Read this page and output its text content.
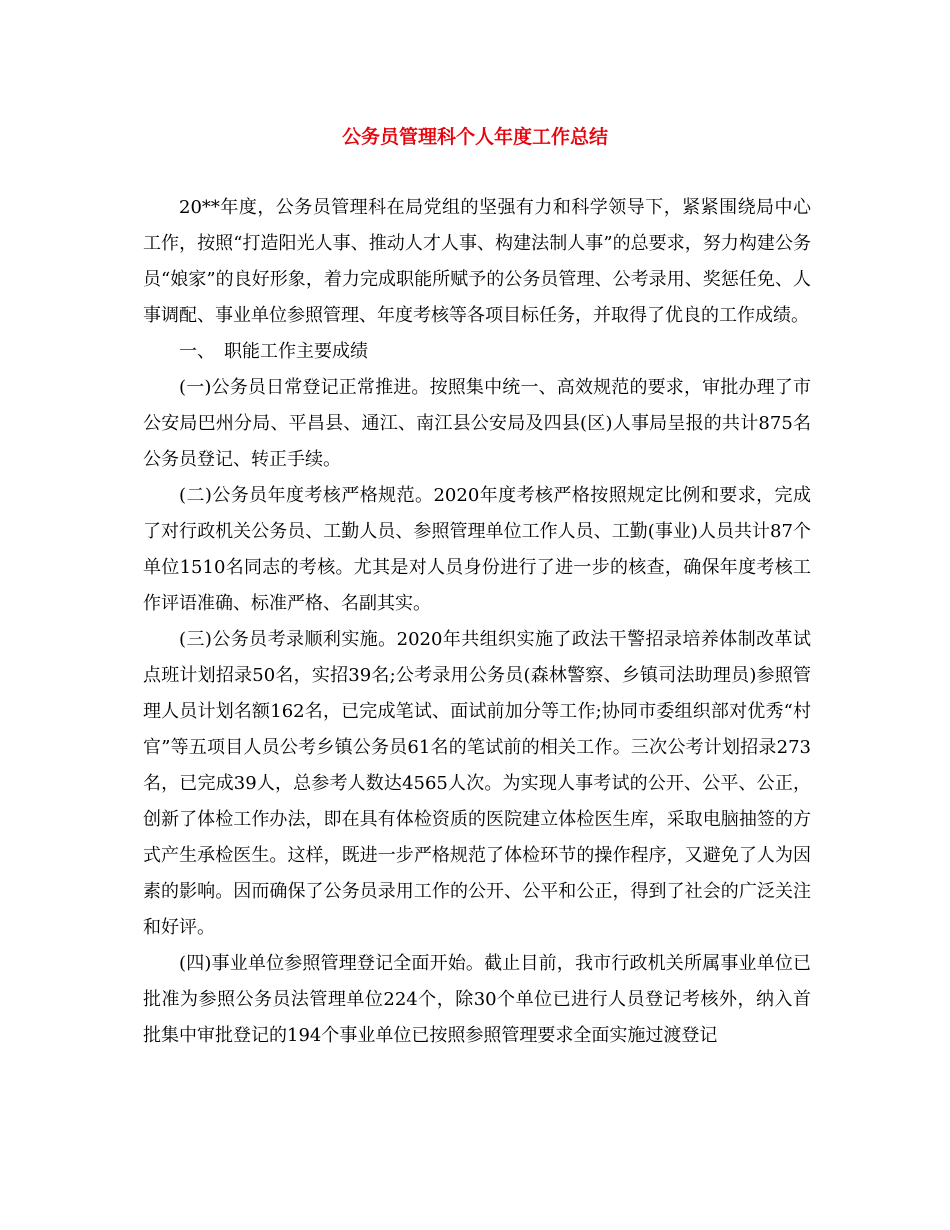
公务员管理科个人年度工作总结

20**年度，公务员管理科在局党组的坚强有力和科学领导下，紧紧围绕局中心工作，按照“打造阳光人事、推动人才人事、构建法制人事”的总要求，努力构建公务员“娘家”的良好形象，着力完成职能所赋予的公务员管理、公考录用、奖惩任免、人事调配、事业单位参照管理、年度考核等各项目标任务，并取得了优良的工作成绩。

一、　职能工作主要成绩

(一)公务员日常登记正常推进。按照集中统一、高效规范的要求，审批办理了市公安局巴州分局、平昌县、通江、南江县公安局及四县(区)人事局呈报的共计875名公务员登记、转正手续。

(二)公务员年度考核严格规范。2020年度考核严格按照规定比例和要求，完成了对行政机关公务员、工勤人员、参照管理单位工作人员、工勤(事业)人员共计87个单位1510名同志的考核。尤其是对人员身份进行了进一步的核查，确保年度考核工作评语准确、标准严格、名副其实。

(三)公务员考录顺利实施。2020年共组织实施了政法干警招录培养体制改革试点班计划招录50名，实招39名;公考录用公务员(森林警察、乡镇司法助理员)参照管理人员计划名额162名，已完成笔试、面试前加分等工作;协同市委组织部对优秀“村官”等五项目人员公考乡镇公务员61名的笔试前的相关工作。三次公考计划招录273名，已完成39人，总参考人数达4565人次。为实现人事考试的公开、公平、公正，创新了体检工作办法，即在具有体检资质的医院建立体检医生库，采取电脑抽签的方式产生承检医生。这样，既进一步严格规范了体检环节的操作程序，又避免了人为因素的影响。因而确保了公务员录用工作的公开、公平和公正，得到了社会的广泛关注和好评。

(四)事业单位参照管理登记全面开始。截止目前，我市行政机关所属事业单位已批准为参照公务员法管理单位224个，除30个单位已进行人员登记考核外，纳入首批集中审批登记的194个事业单位已按照参照管理要求全面实施过渡登记
